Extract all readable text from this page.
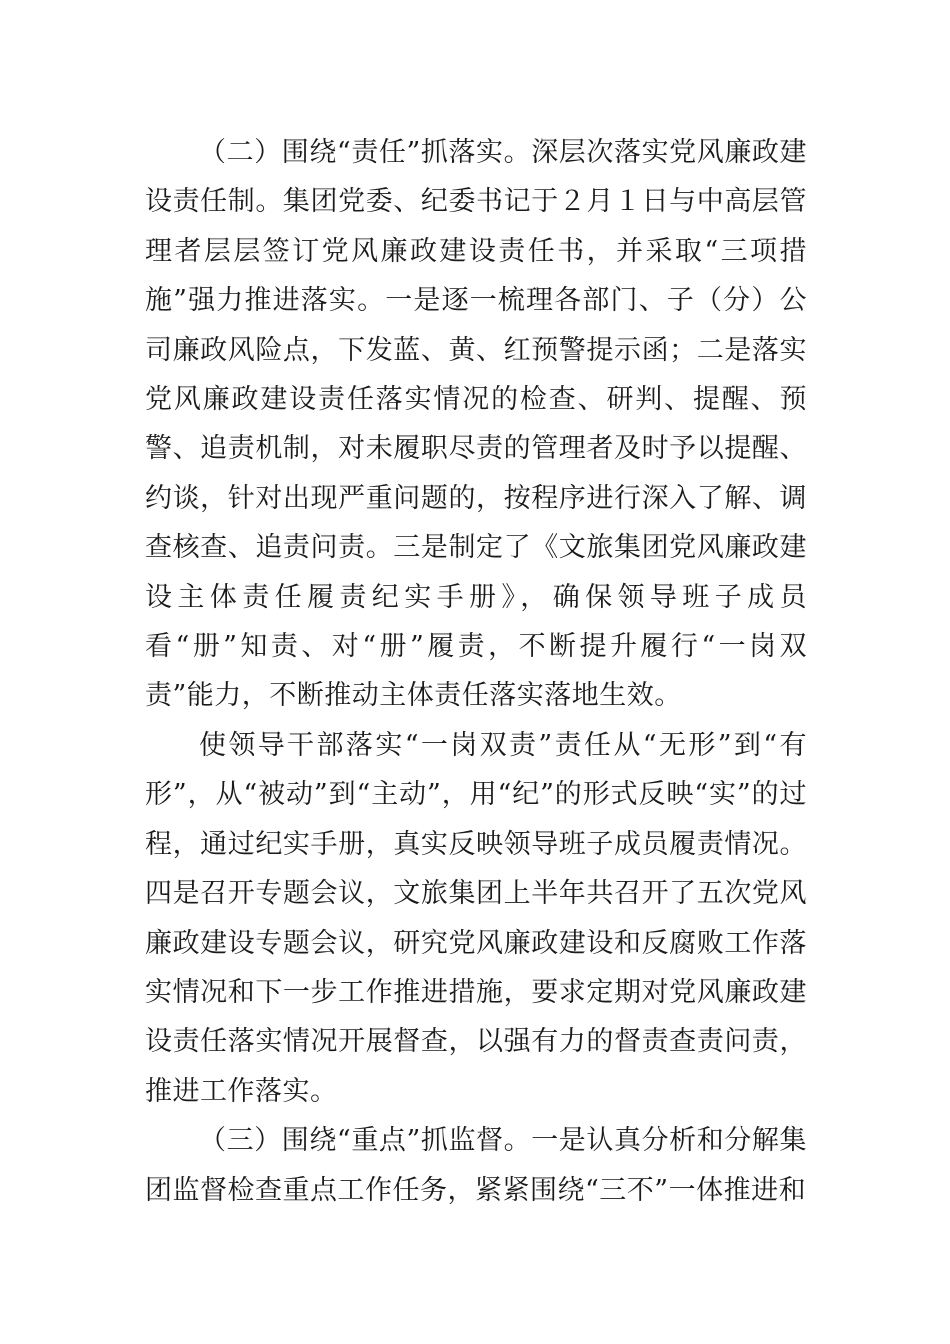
（二）围绕“责任”抓落实。深层次落实党风廉政建设责任制。集团党委、纪委书记于２月１日与中高层管理者层层签订党风廉政建设责任书，并采取“三项措施”强力推进落实。一是逐一梳理各部门、子（分）公司廉政风险点，下发蓝、黄、红预警提示函；二是落实党风廉政建设责任落实情况的检查、研判、提醒、预警、追责机制，对未履职尽责的管理者及时予以提醒、约谈，针对出现严重问题的，按程序进行深入了解、调查核查、追责问责。三是制定了《文旅集团党风廉政建设主体责任履责纪实手册》，确保领导班子成员看“册”知责、对“册”履责，不断提升履行“一岗双责”能力，不断推动主体责任落实落地生效。

使领导干部落实“一岗双责”责任从“无形”到“有形”，从“被动”到“主动”，用“纪”的形式反映“实”的过程，通过纪实手册，真实反映领导班子成员履责情况。四是召开专题会议，文旅集团上半年共召开了五次党风廉政建设专题会议，研究党风廉政建设和反腐败工作落实情况和下一步工作推进措施，要求定期对党风廉政建设责任落实情况开展督查，以强有力的督责查责问责，推进工作落实。

（三）围绕“重点”抓监督。一是认真分析和分解集团监督检查重点工作任务，紧紧围绕“三不”一体推进和
